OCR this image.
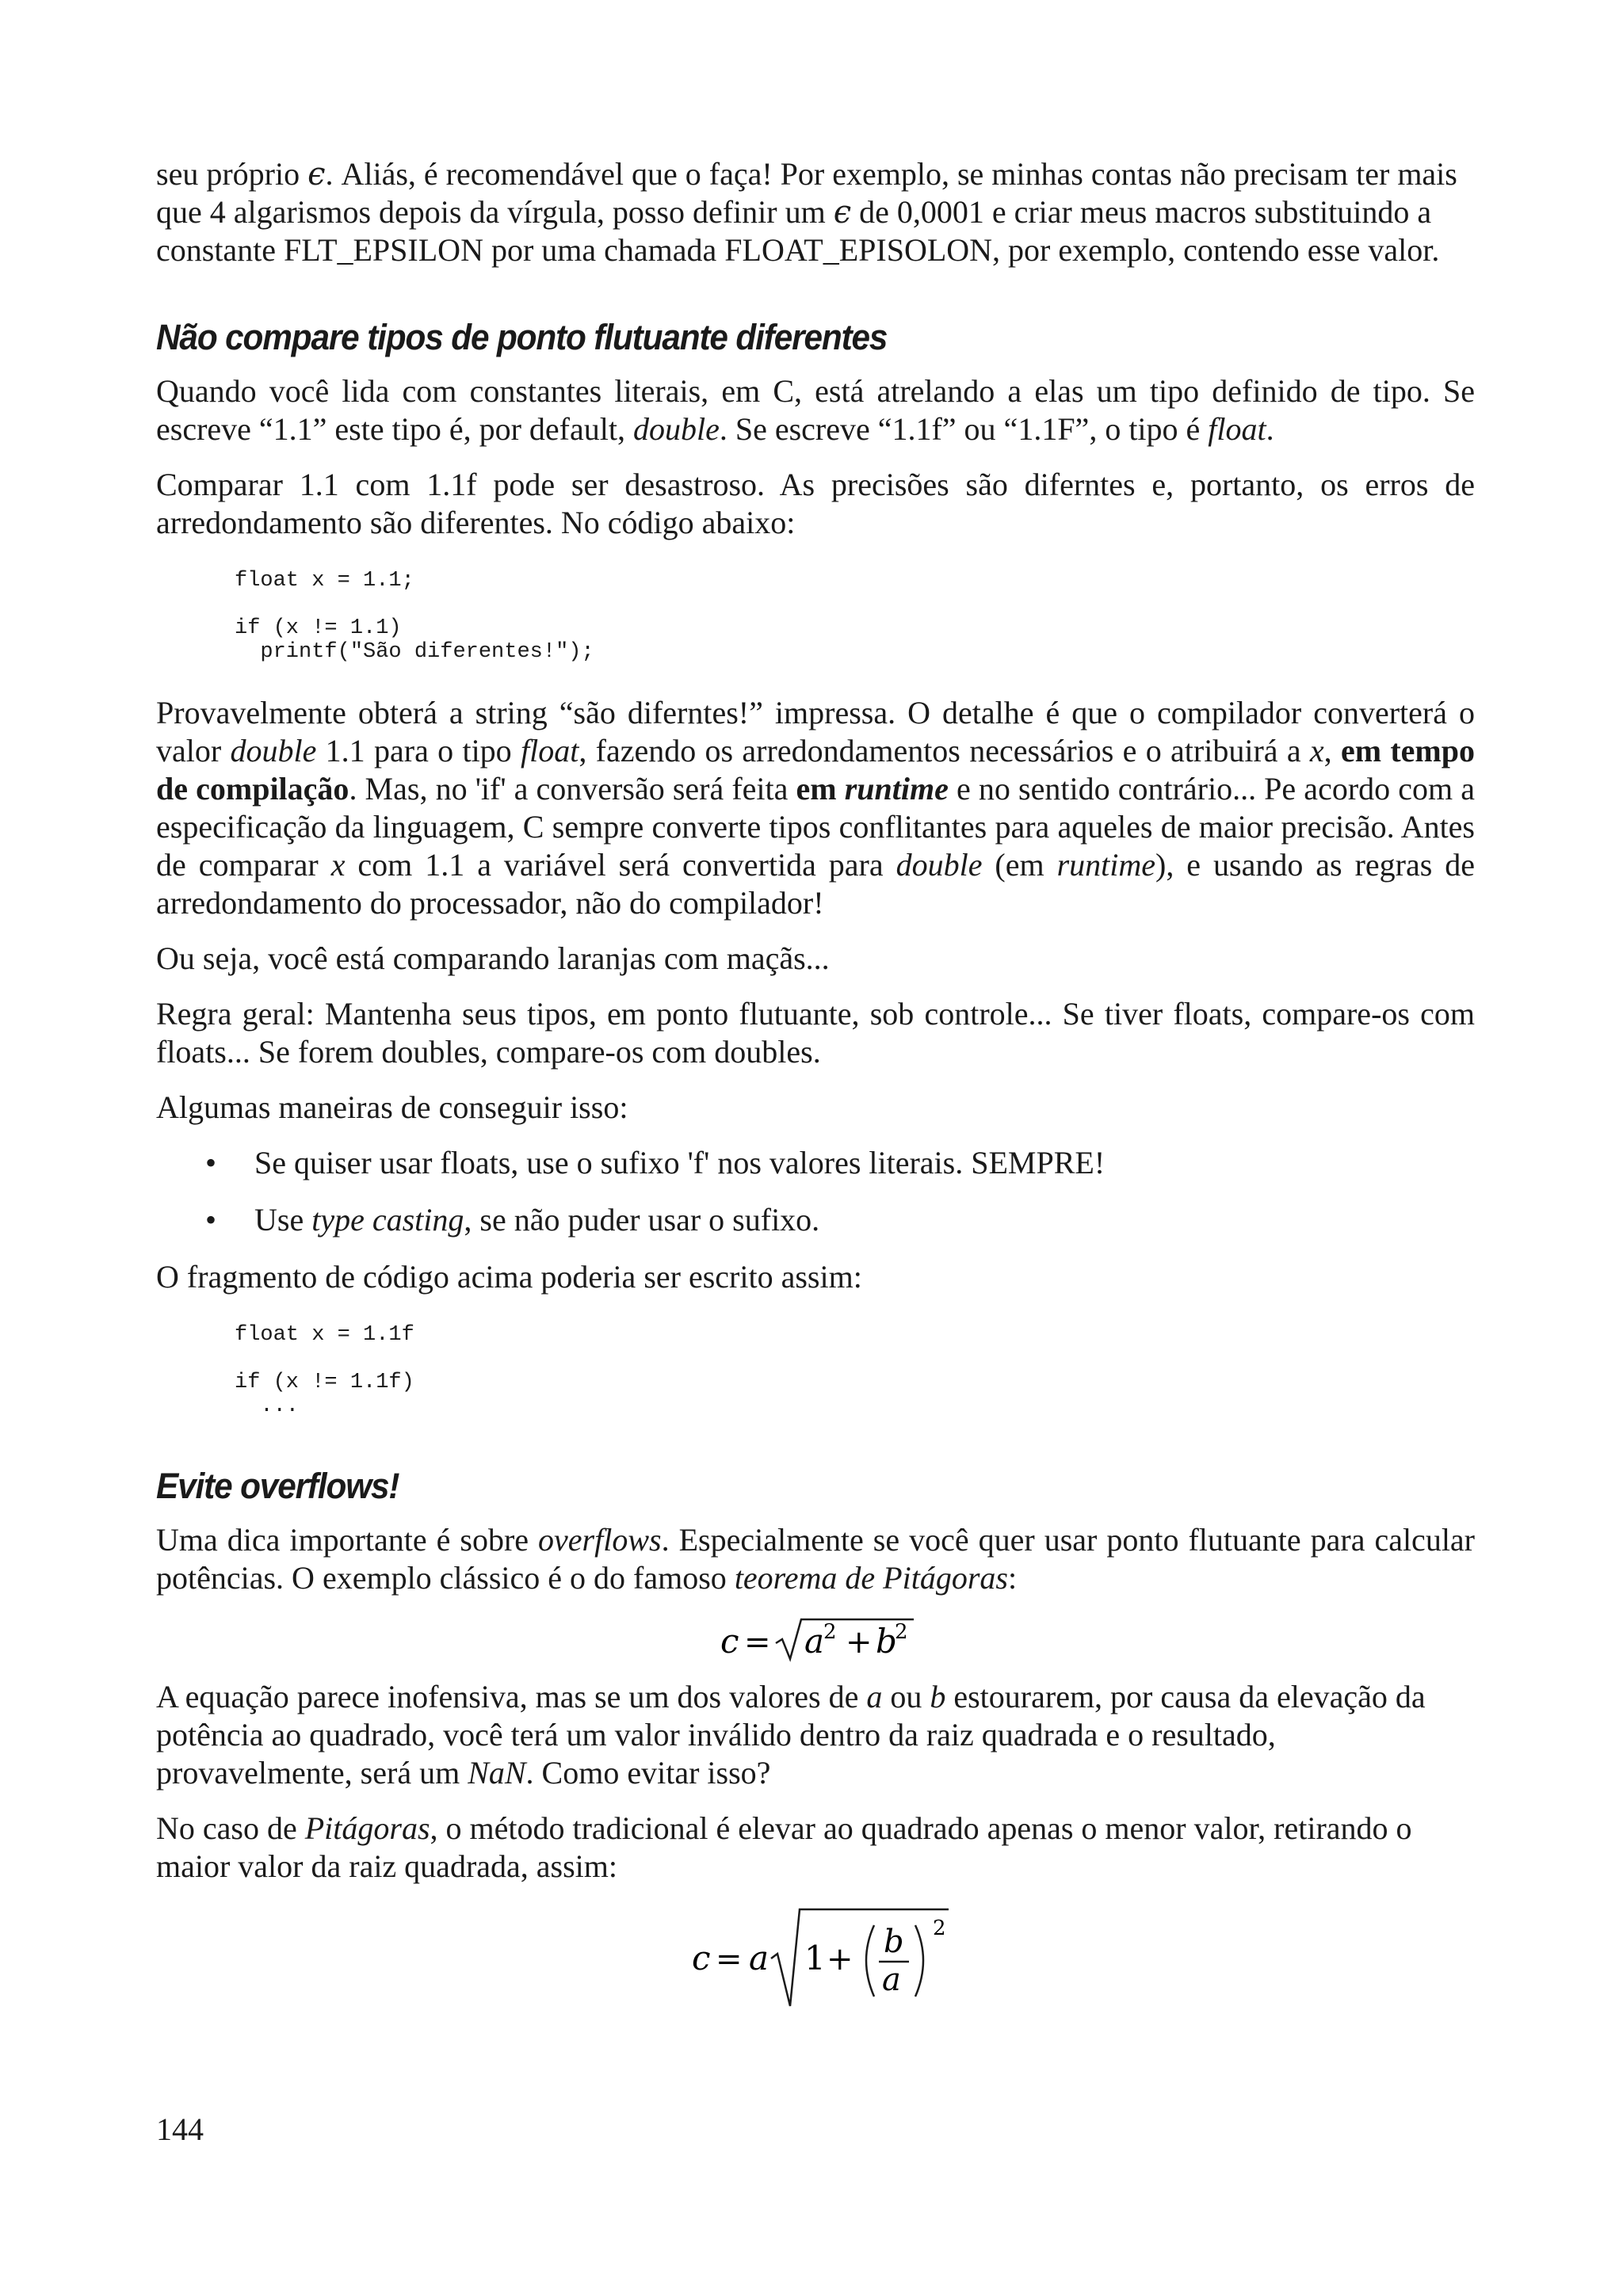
seu próprio ϵ. Aliás, é recomendável que o faça! Por exemplo, se minhas contas não precisam ter mais que 4 algarismos depois da vírgula, posso definir um ϵ de 0,0001 e criar meus macros substituindo a constante FLT_EPSILON por uma chamada FLOAT_EPISOLON, por exemplo, contendo esse valor.

Não compare tipos de ponto flutuante diferentes

Quando você lida com constantes literais, em C, está atrelando a elas um tipo definido de tipo. Se escreve “1.1” este tipo é, por default, double. Se escreve “1.1f” ou “1.1F”, o tipo é float.

Comparar 1.1 com 1.1f pode ser desastroso. As precisões são diferntes e, portanto, os erros de arredondamento são diferentes. No código abaixo:

float x = 1.1;

if (x != 1.1)
printf("São diferentes!");

Provavelmente obterá a string “são diferntes!” impressa. O detalhe é que o compilador converterá o valor double 1.1 para o tipo float, fazendo os arredondamentos necessários e o atribuirá a x, em tempo de compilação. Mas, no 'if' a conversão será feita em runtime e no sentido contrário... Pe acordo com a especificação da linguagem, C sempre converte tipos conflitantes para aqueles de maior precisão. Antes de comparar x com 1.1 a variável será convertida para double (em runtime), e usando as regras de arredondamento do processador, não do compilador!

Ou seja, você está comparando laranjas com maçãs...

Regra geral: Mantenha seus tipos, em ponto flutuante, sob controle... Se tiver floats, compare-os com floats... Se forem doubles, compare-os com doubles.

Algumas maneiras de conseguir isso:

• Se quiser usar floats, use o sufixo 'f' nos valores literais. SEMPRE!
• Use type casting, se não puder usar o sufixo.

O fragmento de código acima poderia ser escrito assim:

float x = 1.1f

if (x != 1.1f)
...
Evite overflows!

Uma dica importante é sobre overflows. Especialmente se você quer usar ponto flutuante para calcular potências. O exemplo clássico é o do famoso teorema de Pitágoras:

c = a
2 + b
2

A equação parece inofensiva, mas se um dos valores de a ou b estourarem, por causa da elevação da potência ao quadrado, você terá um valor inválido dentro da raiz quadrada e o resultado, provavelmente, será um NaN. Como evitar isso?

No caso de Pitágoras, o método tradicional é elevar ao quadrado apenas o menor valor, retirando o maior valor da raiz quadrada, assim:

c = a 1 + b
a
2
144
